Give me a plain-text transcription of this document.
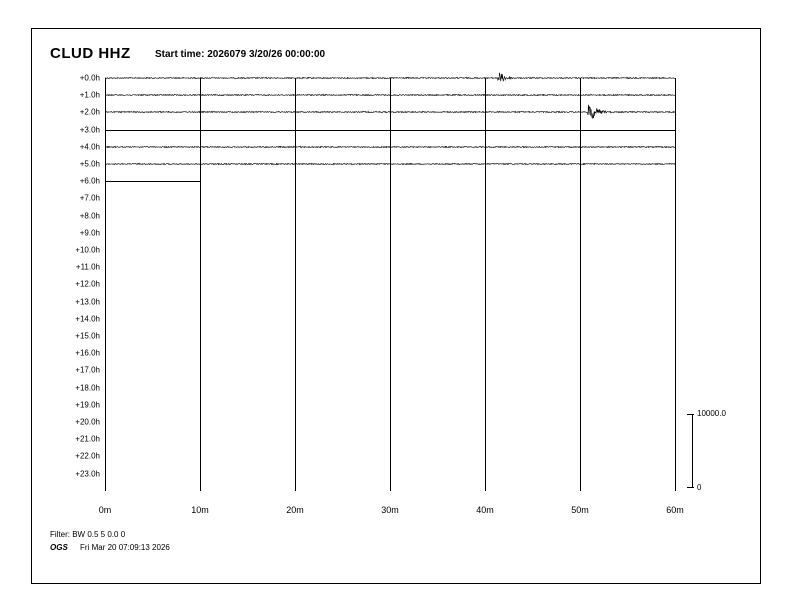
CLUD HHZ Start time: 2026079 3/20/26 00:00:00
+0.0h
+1.0h
+2.0h
+3.0h
+4.0h
+5.0h
+6.0h
+7.0h
+8.0h
+9.0h
+10.0h
+11.0h
+12.0h
+13.0h
+14.0h
+15.0h
+16.0h
+17.0h
+18.0h
+19.0h
+20.0h
+21.0h
+22.0h
+23.0h
0m	10m	20m	30m	40m	50m	60m
10000.0
0
Filter: BW 0.5 5 0.0 0
OGS Fri Mar 20 07:09:13 2026
